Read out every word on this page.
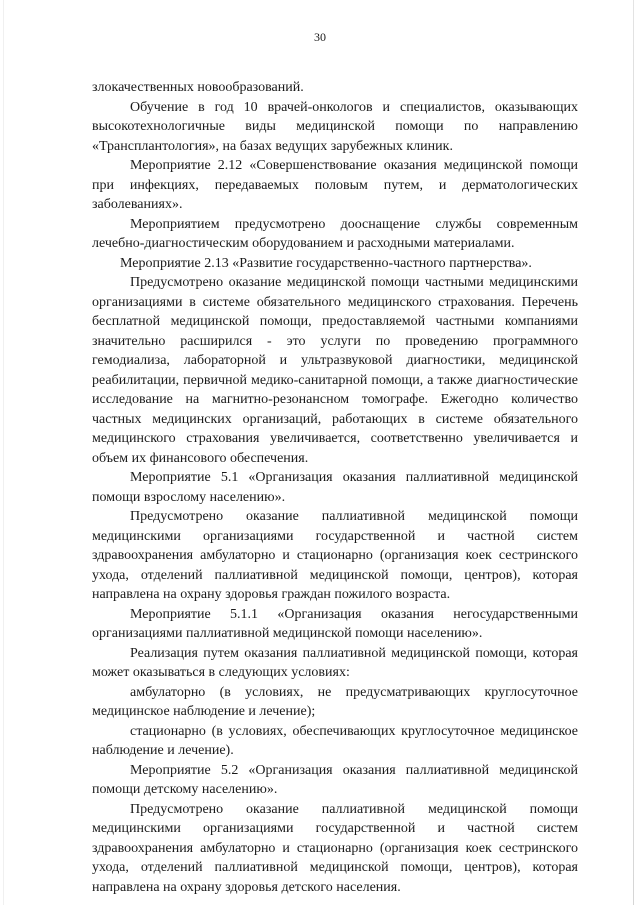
30

злокачественных новообразований.

Обучение в год 10 врачей-онкологов и специалистов, оказывающих высокотехнологичные виды медицинской помощи по направлению «Трансплантология», на базах ведущих зарубежных клиник.

Мероприятие 2.12 «Совершенствование оказания медицинской помощи при инфекциях, передаваемых половым путем, и дерматологических заболеваниях».

Мероприятием предусмотрено дооснащение службы современным лечебно-диагностическим оборудованием и расходными материалами.

Мероприятие 2.13 «Развитие государственно-частного партнерства».

Предусмотрено оказание медицинской помощи частными медицинскими организациями в системе обязательного медицинского страхования. Перечень бесплатной медицинской помощи, предоставляемой частными компаниями значительно расширился - это услуги по проведению программного гемодиализа, лабораторной и ультразвуковой диагностики, медицинской реабилитации, первичной медико-санитарной помощи, а также диагностические исследование на магнитно-резонансном томографе. Ежегодно количество частных медицинских организаций, работающих в системе обязательного медицинского страхования увеличивается, соответственно увеличивается и объем их финансового обеспечения.

Мероприятие 5.1 «Организация оказания паллиативной медицинской помощи взрослому населению».

Предусмотрено оказание паллиативной медицинской помощи медицинскими организациями государственной и частной систем здравоохранения амбулаторно и стационарно (организация коек сестринского ухода, отделений паллиативной медицинской помощи, центров), которая направлена на охрану здоровья граждан пожилого возраста.

Мероприятие 5.1.1 «Организация оказания негосударственными организациями паллиативной медицинской помощи населению».

Реализация путем оказания паллиативной медицинской помощи, которая может оказываться в следующих условиях:

амбулаторно (в условиях, не предусматривающих круглосуточное медицинское наблюдение и лечение);

стационарно (в условиях, обеспечивающих круглосуточное медицинское наблюдение и лечение).

Мероприятие 5.2 «Организация оказания паллиативной медицинской помощи детскому населению».

Предусмотрено оказание паллиативной медицинской помощи медицинскими организациями государственной и частной систем здравоохранения амбулаторно и стационарно (организация коек сестринского ухода, отделений паллиативной медицинской помощи, центров), которая направлена на охрану здоровья детского населения.
